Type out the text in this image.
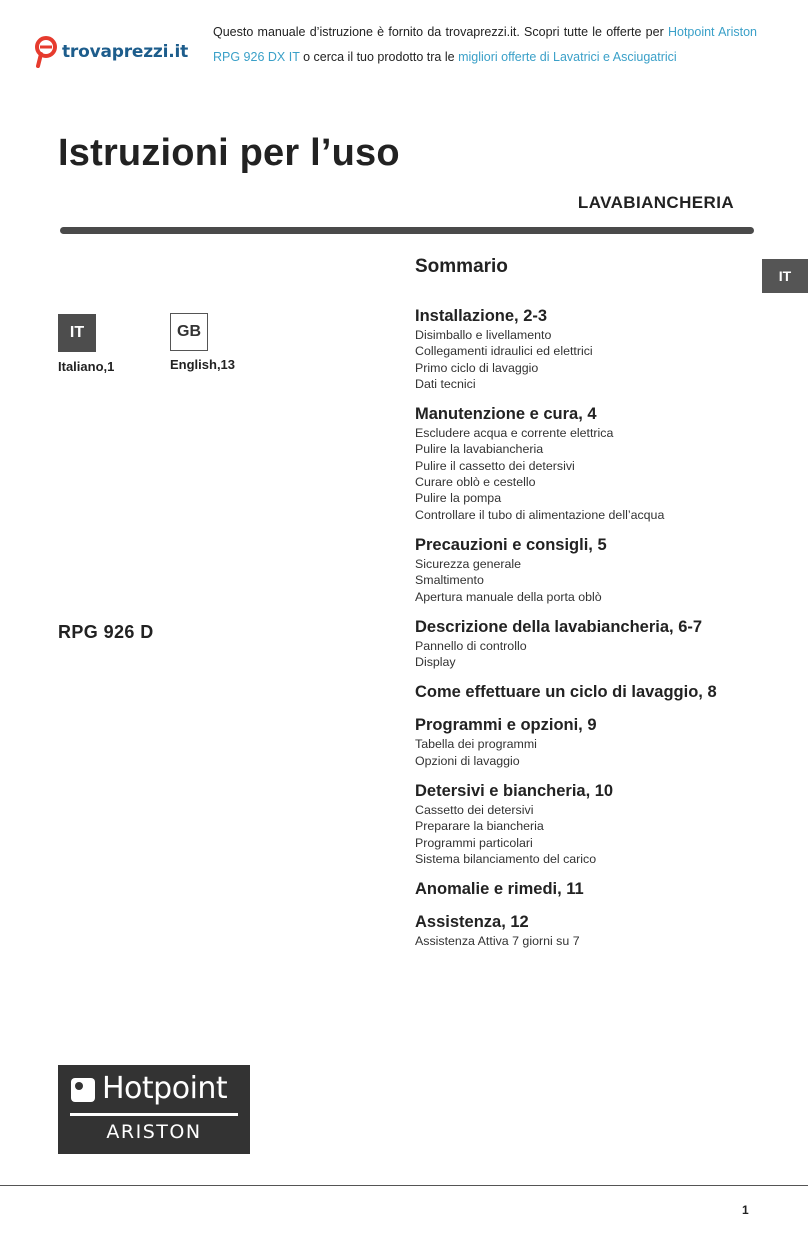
trovaprezzi.it
Questo manuale d’istruzione è fornito da trovaprezzi.it. Scopri tutte le offerte per Hotpoint Ariston
RPG 926 DX IT o cerca il tuo prodotto tra le migliori offerte di Lavatrici e Asciugatrici
Istruzioni per l’uso
LAVABIANCHERIA
IT
IT
Italiano,1
GB
English,13
RPG 926 D
Sommario
Installazione, 2-3
Disimballo e livellamento
Collegamenti idraulici ed elettrici
Primo ciclo di lavaggio
Dati tecnici
Manutenzione e cura, 4
Escludere acqua e corrente elettrica
Pulire la lavabiancheria
Pulire il cassetto dei detersivi
Curare oblò e cestello
Pulire la pompa
Controllare il tubo di alimentazione dell’acqua
Precauzioni e consigli, 5
Sicurezza generale
Smaltimento
Apertura manuale della porta oblò
Descrizione della lavabiancheria, 6-7
Pannello di controllo
Display
Come effettuare un ciclo di lavaggio, 8
Programmi e opzioni, 9
Tabella dei programmi
Opzioni di lavaggio
Detersivi e biancheria, 10
Cassetto dei detersivi
Preparare la biancheria
Programmi particolari
Sistema bilanciamento del carico
Anomalie e rimedi, 11
Assistenza, 12
Assistenza Attiva 7 giorni su 7
Hotpoint
ARISTON
1
